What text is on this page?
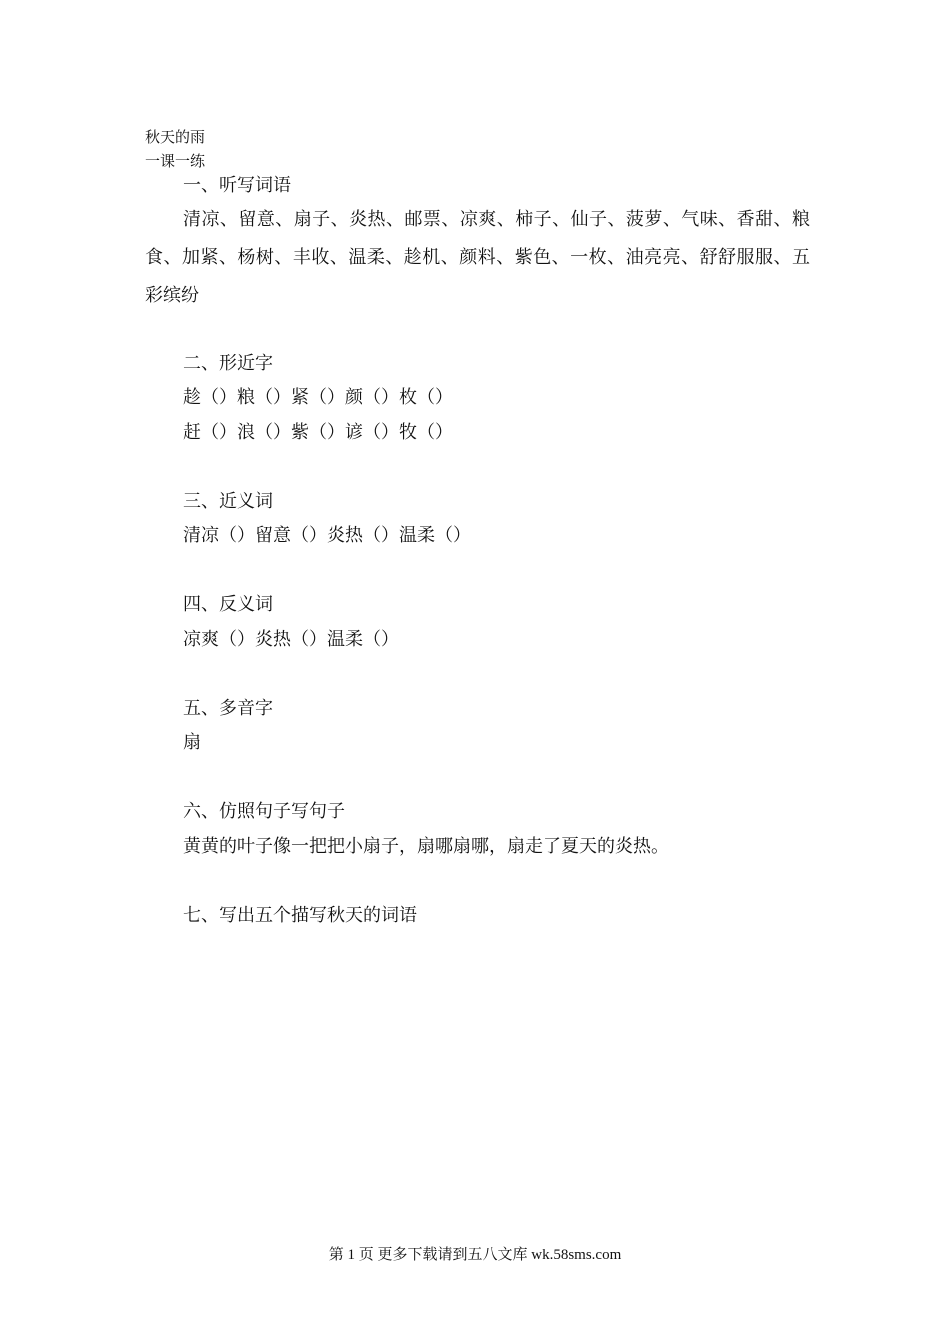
秋天的雨
一课一练
一、听写词语
清凉、留意、扇子、炎热、邮票、凉爽、柿子、仙子、菠萝、气味、香甜、粮食、加紧、杨树、丰收、温柔、趁机、颜料、紫色、一枚、油亮亮、舒舒服服、五彩缤纷
二、形近字
趁（）粮（）紧（）颜（）枚（）
赶（）浪（）紫（）谚（）牧（）
三、近义词
清凉（）留意（）炎热（）温柔（）
四、反义词
凉爽（）炎热（）温柔（）
五、多音字
扇
六、仿照句子写句子
黄黄的叶子像一把把小扇子，扇哪扇哪，扇走了夏天的炎热。
七、写出五个描写秋天的词语
第 1 页 更多下载请到五八文库 wk.58sms.com
